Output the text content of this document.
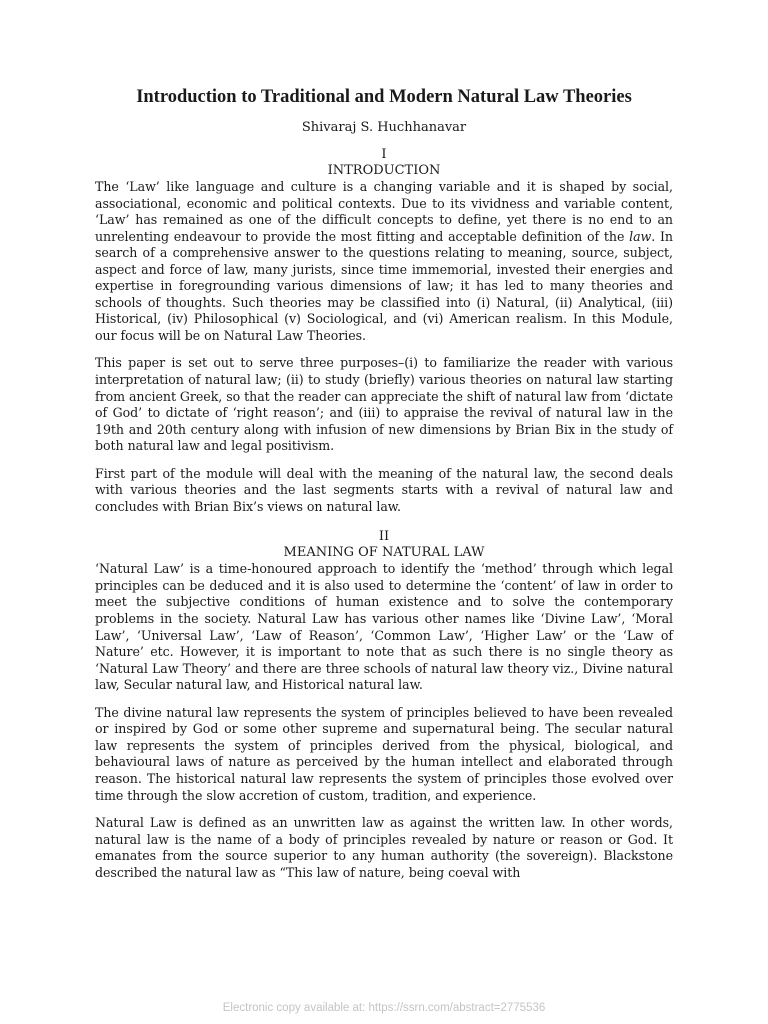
Introduction to Traditional and Modern Natural Law Theories
Shivaraj S. Huchhanavar
I
INTRODUCTION

The ‘Law’ like language and culture is a changing variable and it is shaped by social, associational, economic and political contexts. Due to its vividness and variable content, ‘Law’ has remained as one of the difficult concepts to define, yet there is no end to an unrelenting endeavour to provide the most fitting and acceptable definition of the law. In search of a comprehensive answer to the questions relating to meaning, source, subject, aspect and force of law, many jurists, since time immemorial, invested their energies and expertise in foregrounding various dimensions of law; it has led to many theories and schools of thoughts. Such theories may be classified into (i) Natural, (ii) Analytical, (iii) Historical, (iv) Philosophical (v) Sociological, and (vi) American realism. In this Module, our focus will be on Natural Law Theories.

This paper is set out to serve three purposes–(i) to familiarize the reader with various interpretation of natural law; (ii) to study (briefly) various theories on natural law starting from ancient Greek, so that the reader can appreciate the shift of natural law from ‘dictate of God’ to dictate of ‘right reason’; and (iii) to appraise the revival of natural law in the 19th and 20th century along with infusion of new dimensions by Brian Bix in the study of both natural law and legal positivism.

First part of the module will deal with the meaning of the natural law, the second deals with various theories and the last segments starts with a revival of natural law and concludes with Brian Bix’s views on natural law.

II
MEANING OF NATURAL LAW

‘Natural Law’ is a time-honoured approach to identify the ‘method’ through which legal principles can be deduced and it is also used to determine the ‘content’ of law in order to meet the subjective conditions of human existence and to solve the contemporary problems in the society. Natural Law has various other names like ‘Divine Law’, ‘Moral Law’, ‘Universal Law’, ‘Law of Reason’, ‘Common Law’, ‘Higher Law’ or the ‘Law of Nature’ etc. However, it is important to note that as such there is no single theory as ‘Natural Law Theory’ and there are three schools of natural law theory viz., Divine natural law, Secular natural law, and Historical natural law.

The divine natural law represents the system of principles believed to have been revealed or inspired by God or some other supreme and supernatural being. The secular natural law represents the system of principles derived from the physical, biological, and behavioural laws of nature as perceived by the human intellect and elaborated through reason. The historical natural law represents the system of principles those evolved over time through the slow accretion of custom, tradition, and experience.

Natural Law is defined as an unwritten law as against the written law. In other words, natural law is the name of a body of principles revealed by nature or reason or God. It emanates from the source superior to any human authority (the sovereign). Blackstone described the natural law as “This law of nature, being coeval with

Electronic copy available at: https://ssrn.com/abstract=2775536
